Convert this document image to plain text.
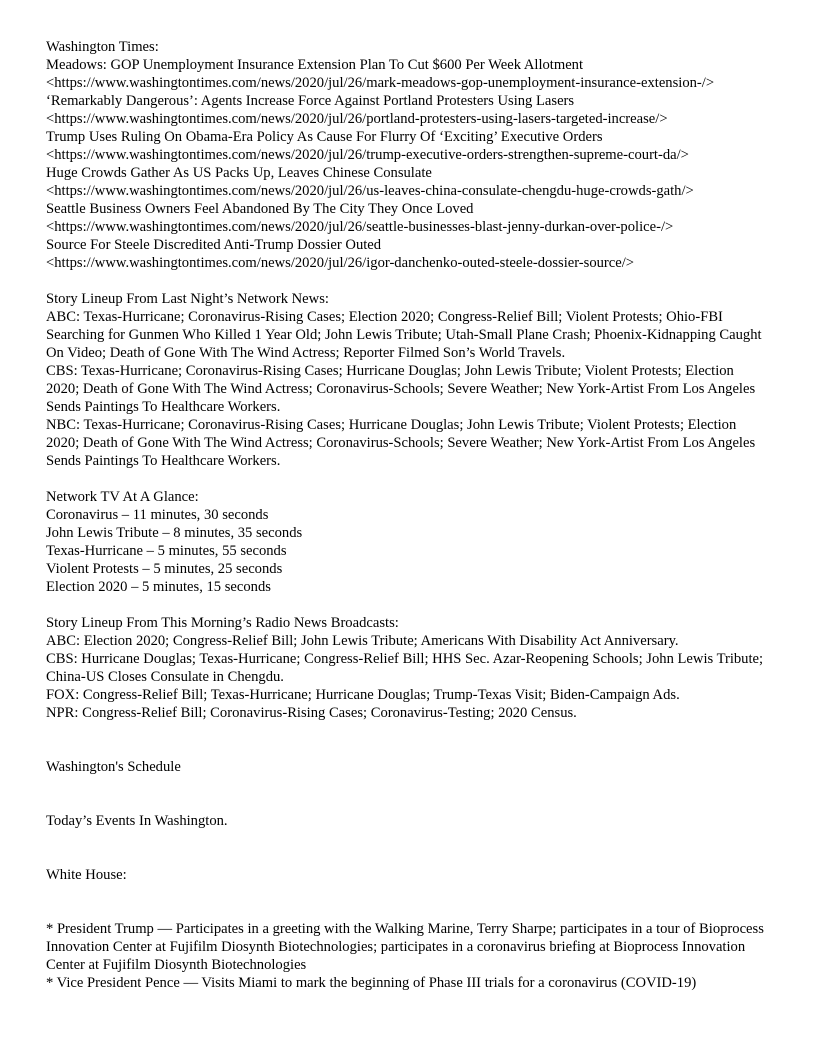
Washington Times:
Meadows: GOP Unemployment Insurance Extension Plan To Cut $600 Per Week Allotment
<https://www.washingtontimes.com/news/2020/jul/26/mark-meadows-gop-unemployment-insurance-extension-/>
‘Remarkably Dangerous’: Agents Increase Force Against Portland Protesters Using Lasers
<https://www.washingtontimes.com/news/2020/jul/26/portland-protesters-using-lasers-targeted-increase/>
Trump Uses Ruling On Obama-Era Policy As Cause For Flurry Of ‘Exciting’ Executive Orders
<https://www.washingtontimes.com/news/2020/jul/26/trump-executive-orders-strengthen-supreme-court-da/>
Huge Crowds Gather As US Packs Up, Leaves Chinese Consulate
<https://www.washingtontimes.com/news/2020/jul/26/us-leaves-china-consulate-chengdu-huge-crowds-gath/>
Seattle Business Owners Feel Abandoned By The City They Once Loved
<https://www.washingtontimes.com/news/2020/jul/26/seattle-businesses-blast-jenny-durkan-over-police-/>
Source For Steele Discredited Anti-Trump Dossier Outed
<https://www.washingtontimes.com/news/2020/jul/26/igor-danchenko-outed-steele-dossier-source/>
Story Lineup From Last Night’s Network News:
ABC: Texas-Hurricane; Coronavirus-Rising Cases; Election 2020; Congress-Relief Bill; Violent Protests; Ohio-FBI Searching for Gunmen Who Killed 1 Year Old; John Lewis Tribute; Utah-Small Plane Crash; Phoenix-Kidnapping Caught On Video; Death of Gone With The Wind Actress; Reporter Filmed Son’s World Travels.
CBS: Texas-Hurricane; Coronavirus-Rising Cases; Hurricane Douglas; John Lewis Tribute; Violent Protests; Election 2020; Death of Gone With The Wind Actress; Coronavirus-Schools; Severe Weather; New York-Artist From Los Angeles Sends Paintings To Healthcare Workers.
NBC: Texas-Hurricane; Coronavirus-Rising Cases; Hurricane Douglas; John Lewis Tribute; Violent Protests; Election 2020; Death of Gone With The Wind Actress; Coronavirus-Schools; Severe Weather; New York-Artist From Los Angeles Sends Paintings To Healthcare Workers.
Network TV At A Glance:
Coronavirus – 11 minutes, 30 seconds
John Lewis Tribute – 8 minutes, 35 seconds
Texas-Hurricane – 5 minutes, 55 seconds
Violent Protests – 5 minutes, 25 seconds
Election 2020 – 5 minutes, 15 seconds
Story Lineup From This Morning’s Radio News Broadcasts:
ABC: Election 2020; Congress-Relief Bill; John Lewis Tribute; Americans With Disability Act Anniversary.
CBS: Hurricane Douglas; Texas-Hurricane; Congress-Relief Bill; HHS Sec. Azar-Reopening Schools; John Lewis Tribute; China-US Closes Consulate in Chengdu.
FOX: Congress-Relief Bill; Texas-Hurricane; Hurricane Douglas; Trump-Texas Visit; Biden-Campaign Ads.
NPR: Congress-Relief Bill; Coronavirus-Rising Cases; Coronavirus-Testing; 2020 Census.
Washington's Schedule
Today’s Events In Washington.
White House:
* President Trump — Participates in a greeting with the Walking Marine, Terry Sharpe; participates in a tour of Bioprocess Innovation Center at Fujifilm Diosynth Biotechnologies; participates in a coronavirus briefing at Bioprocess Innovation Center at Fujifilm Diosynth Biotechnologies
* Vice President Pence — Visits Miami to mark the beginning of Phase III trials for a coronavirus (COVID-19)
